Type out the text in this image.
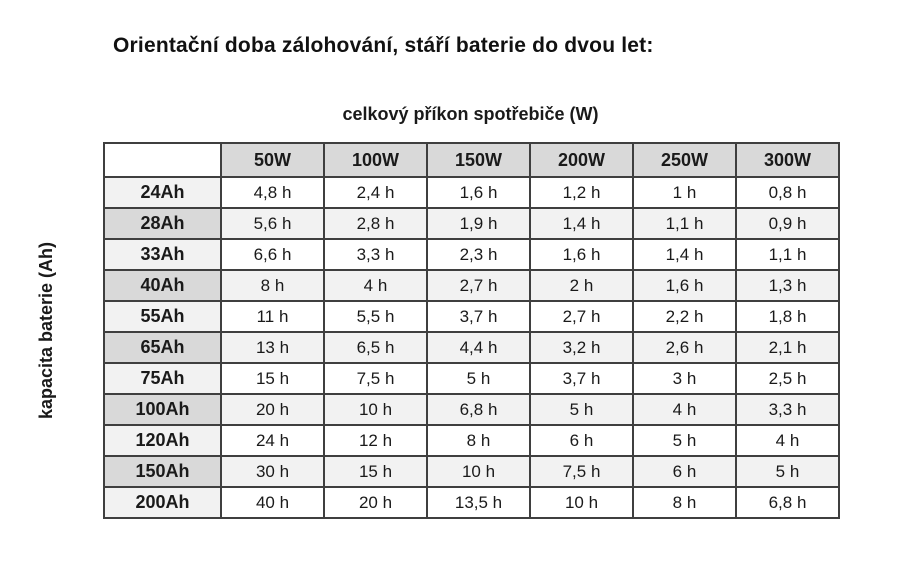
Orientační doba zálohování, stáří baterie do dvou let:
celkový příkon spotřebiče (W)
kapacita baterie (Ah)
	50W	100W	150W	200W	250W	300W
24Ah	4,8 h	2,4 h	1,6 h	1,2 h	1 h	0,8 h
28Ah	5,6 h	2,8 h	1,9 h	1,4 h	1,1 h	0,9 h
33Ah	6,6 h	3,3 h	2,3 h	1,6 h	1,4 h	1,1 h
40Ah	8 h	4 h	2,7 h	2 h	1,6 h	1,3 h
55Ah	11 h	5,5 h	3,7 h	2,7 h	2,2 h	1,8 h
65Ah	13 h	6,5 h	4,4 h	3,2 h	2,6 h	2,1 h
75Ah	15 h	7,5 h	5 h	3,7 h	3 h	2,5 h
100Ah	20 h	10 h	6,8 h	5 h	4 h	3,3 h
120Ah	24 h	12 h	8 h	6 h	5 h	4 h
150Ah	30 h	15 h	10 h	7,5 h	6 h	5 h
200Ah	40 h	20 h	13,5 h	10 h	8 h	6,8 h
